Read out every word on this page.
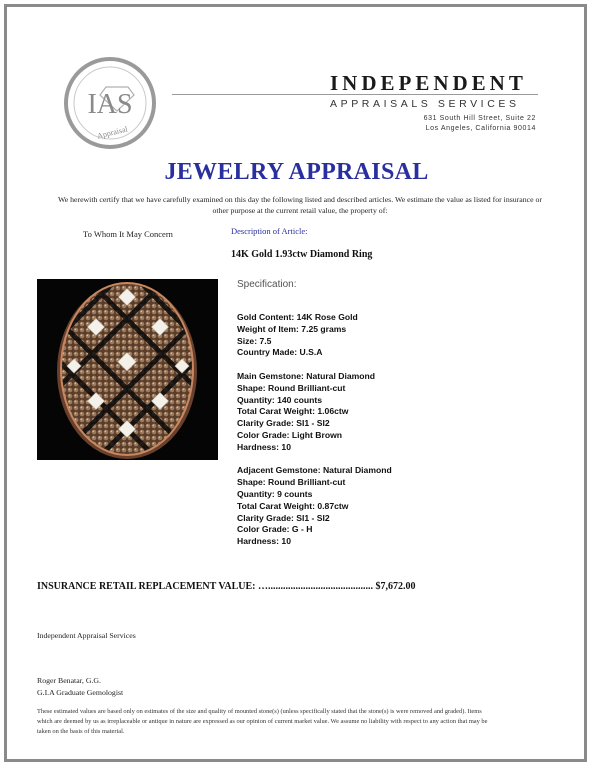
IAS
Appraisal
INDEPENDENT
APPRAISALS SERVICES
631 South Hill Street, Suite 22
Los Angeles, California 90014
JEWELRY APPRAISAL
We herewith certify that we have carefully examined on this day the following listed and described articles. We estimate the value as listed for insurance or other purpose at the current retail value, the property of:
To Whom It May Concern	Description of Article:
14K Gold 1.93ctw Diamond Ring
Specification:
Gold Content: 14K Rose Gold
Weight of Item: 7.25 grams
Size: 7.5
Country Made: U.S.A
Main Gemstone: Natural Diamond
Shape: Round Brilliant-cut
Quantity: 140 counts
Total Carat Weight: 1.06ctw
Clarity Grade: SI1 - SI2
Color Grade: Light Brown
Hardness: 10
Adjacent Gemstone: Natural Diamond
Shape: Round Brilliant-cut
Quantity: 9 counts
Total Carat Weight: 0.87ctw
Clarity Grade: SI1 - SI2
Color Grade: G - H
Hardness: 10
INSURANCE RETAIL REPLACEMENT VALUE: ….......................................... $7,672.00
Independent Appraisal Services
Roger Benatar, G.G.
G.I.A Graduate Gemologist
These estimated values are based only on estimates of the size and quality of mounted stone(s) (unless specifically stated that the stone(s) is were removed and graded). Items which are deemed by us as irreplaceable or antique in nature are expressed as our opinion of current market value. We assume no liability with respect to any action that may be taken on the basis of this material.
